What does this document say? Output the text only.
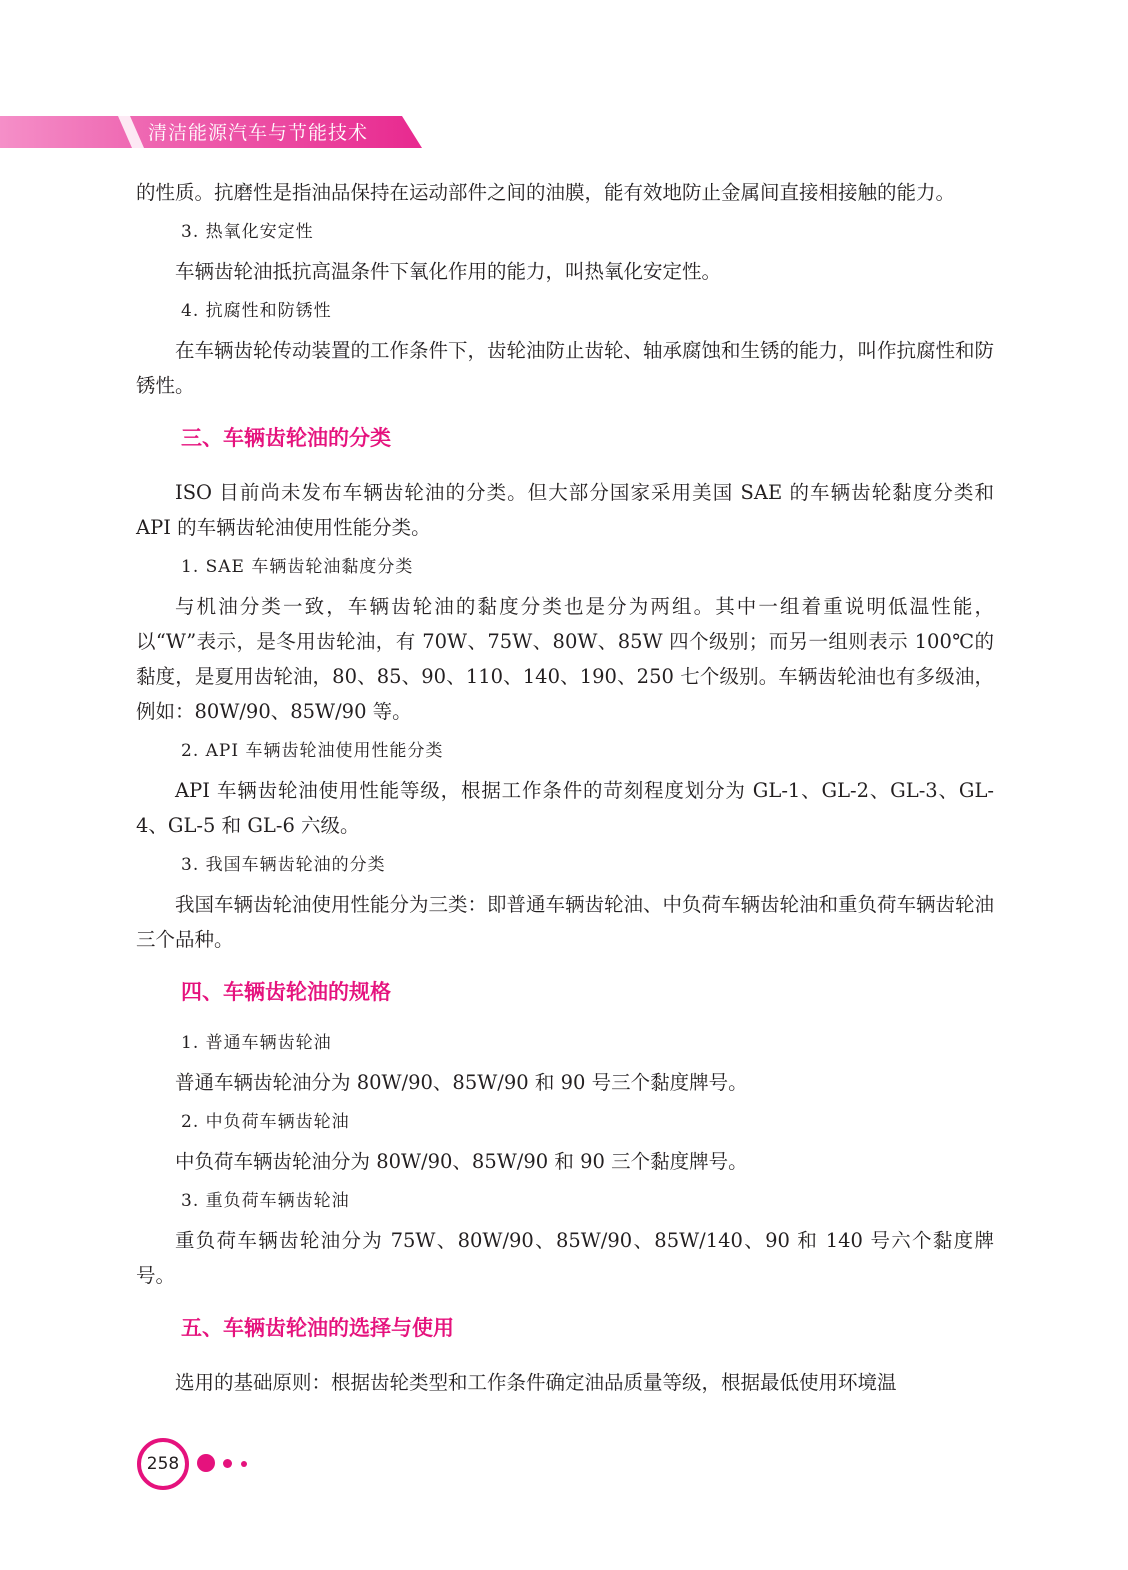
清洁能源汽车与节能技术

的性质。抗磨性是指油品保持在运动部件之间的油膜，能有效地防止金属间直接相接触的能力。

3. 热氧化安定性

车辆齿轮油抵抗高温条件下氧化作用的能力，叫热氧化安定性。

4. 抗腐性和防锈性

在车辆齿轮传动装置的工作条件下，齿轮油防止齿轮、轴承腐蚀和生锈的能力，叫作抗腐性和防锈性。

三、车辆齿轮油的分类

ISO 目前尚未发布车辆齿轮油的分类。但大部分国家采用美国 SAE 的车辆齿轮黏度分类和 API 的车辆齿轮油使用性能分类。

1. SAE 车辆齿轮油黏度分类

与机油分类一致，车辆齿轮油的黏度分类也是分为两组。其中一组着重说明低温性能，以“W”表示，是冬用齿轮油，有 70W、75W、80W、85W 四个级别；而另一组则表示 100℃的黏度，是夏用齿轮油，80、85、90、110、140、190、250 七个级别。车辆齿轮油也有多级油，例如：80W/90、85W/90 等。

2. API 车辆齿轮油使用性能分类

API 车辆齿轮油使用性能等级，根据工作条件的苛刻程度划分为 GL-1、GL-2、GL-3、GL-4、GL-5 和 GL-6 六级。

3. 我国车辆齿轮油的分类

我国车辆齿轮油使用性能分为三类：即普通车辆齿轮油、中负荷车辆齿轮油和重负荷车辆齿轮油三个品种。

四、车辆齿轮油的规格
1. 普通车辆齿轮油

普通车辆齿轮油分为 80W/90、85W/90 和 90 号三个黏度牌号。

2. 中负荷车辆齿轮油

中负荷车辆齿轮油分为 80W/90、85W/90 和 90 三个黏度牌号。

3. 重负荷车辆齿轮油

重负荷车辆齿轮油分为 75W、80W/90、85W/90、85W/140、90 和 140 号六个黏度牌号。

五、车辆齿轮油的选择与使用

选用的基础原则：根据齿轮类型和工作条件确定油品质量等级，根据最低使用环境温

258
